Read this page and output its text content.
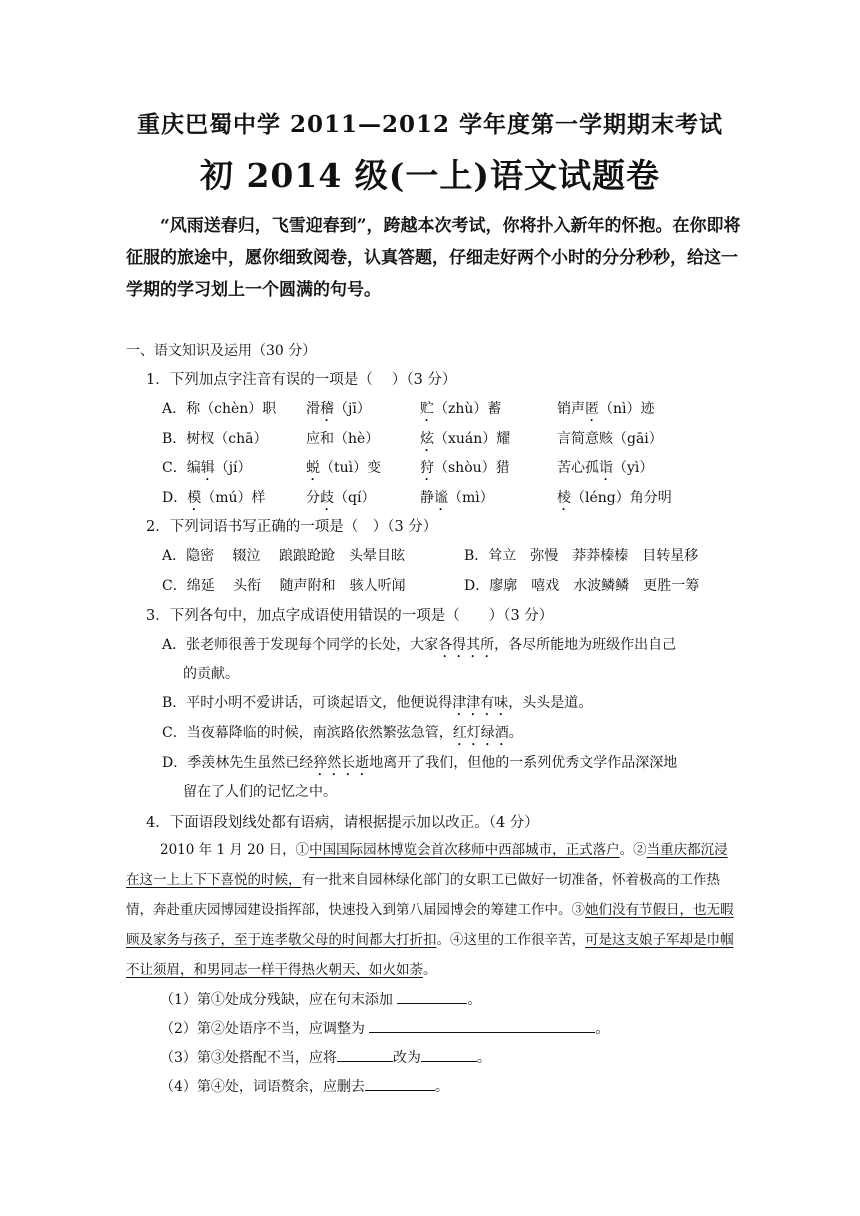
重庆巴蜀中学 2011—2012 学年度第一学期期末考试
初 2014 级(一上)语文试题卷
“风雨送春归，飞雪迎春到”，跨越本次考试，你将扑入新年的怀抱。在你即将征服的旅途中，愿你细致阅卷，认真答题，仔细走好两个小时的分分秒秒，给这一学期的学习划上一个圆满的句号。
一、语文知识及运用（30 分）
1．下列加点字注音有误的一项是（　 ）（3 分）
A．称（chèn）职 滑稽（jī）	贮（zhù）蓄	销声匿（nì）迹
B．树杈（chā）	应和（hè）	炫（xuán）耀	言简意赅（gāi）
C．编辑（jí）	蜕（tuì）变	狩（shòu）猎	苦心孤诣（yì）
D．模（mú）样	分歧（qí）	静谧（mì）	棱（léng）角分明
2．下列词语书写正确的一项是（　）（3 分）
A．隐密　 辍泣　 踉踉跄跄　头晕目眩	B．耸立　弥慢　莽莽榛榛　目转星移
C．绵延　 头衔　 随声附和　骇人听闻	D．廖廓　嘻戏　水波鳞鳞　更胜一筹
3．下列各句中，加点字成语使用错误的一项是（　　）（3 分）
A．张老师很善于发现每个同学的长处，大家各得其所，各尽所能地为班级作出自己
的贡献。
B．平时小明不爱讲话，可谈起语文，他便说得津津有味，头头是道。
C．当夜幕降临的时候，南滨路依然繁弦急管，红灯绿酒。
D．季羡林先生虽然已经猝然长逝地离开了我们，但他的一系列优秀文学作品深深地
留在了人们的记忆之中。
4．下面语段划线处都有语病，请根据提示加以改正。（4 分）
2010 年 1 月 20 日，①中国国际园林博览会首次移师中西部城市，正式落户。②当重庆都沉浸在这一上上下下喜悦的时候，有一批来自园林绿化部门的女职工已做好一切准备，怀着极高的工作热情，奔赴重庆园博园建设指挥部，快速投入到第八届园博会的筹建工作中。③她们没有节假日，也无暇顾及家务与孩子，至于连孝敬父母的时间都大打折扣。④这里的工作很辛苦，可是这支娘子军却是巾帼不让须眉，和男同志一样干得热火朝天、如火如荼。
（1）第①处成分残缺，应在句末添加	。
（2）第②处语序不当，应调整为	。
（3）第③处搭配不当，应将	改为	。
（4）第④处，词语赘余，应删去	。
